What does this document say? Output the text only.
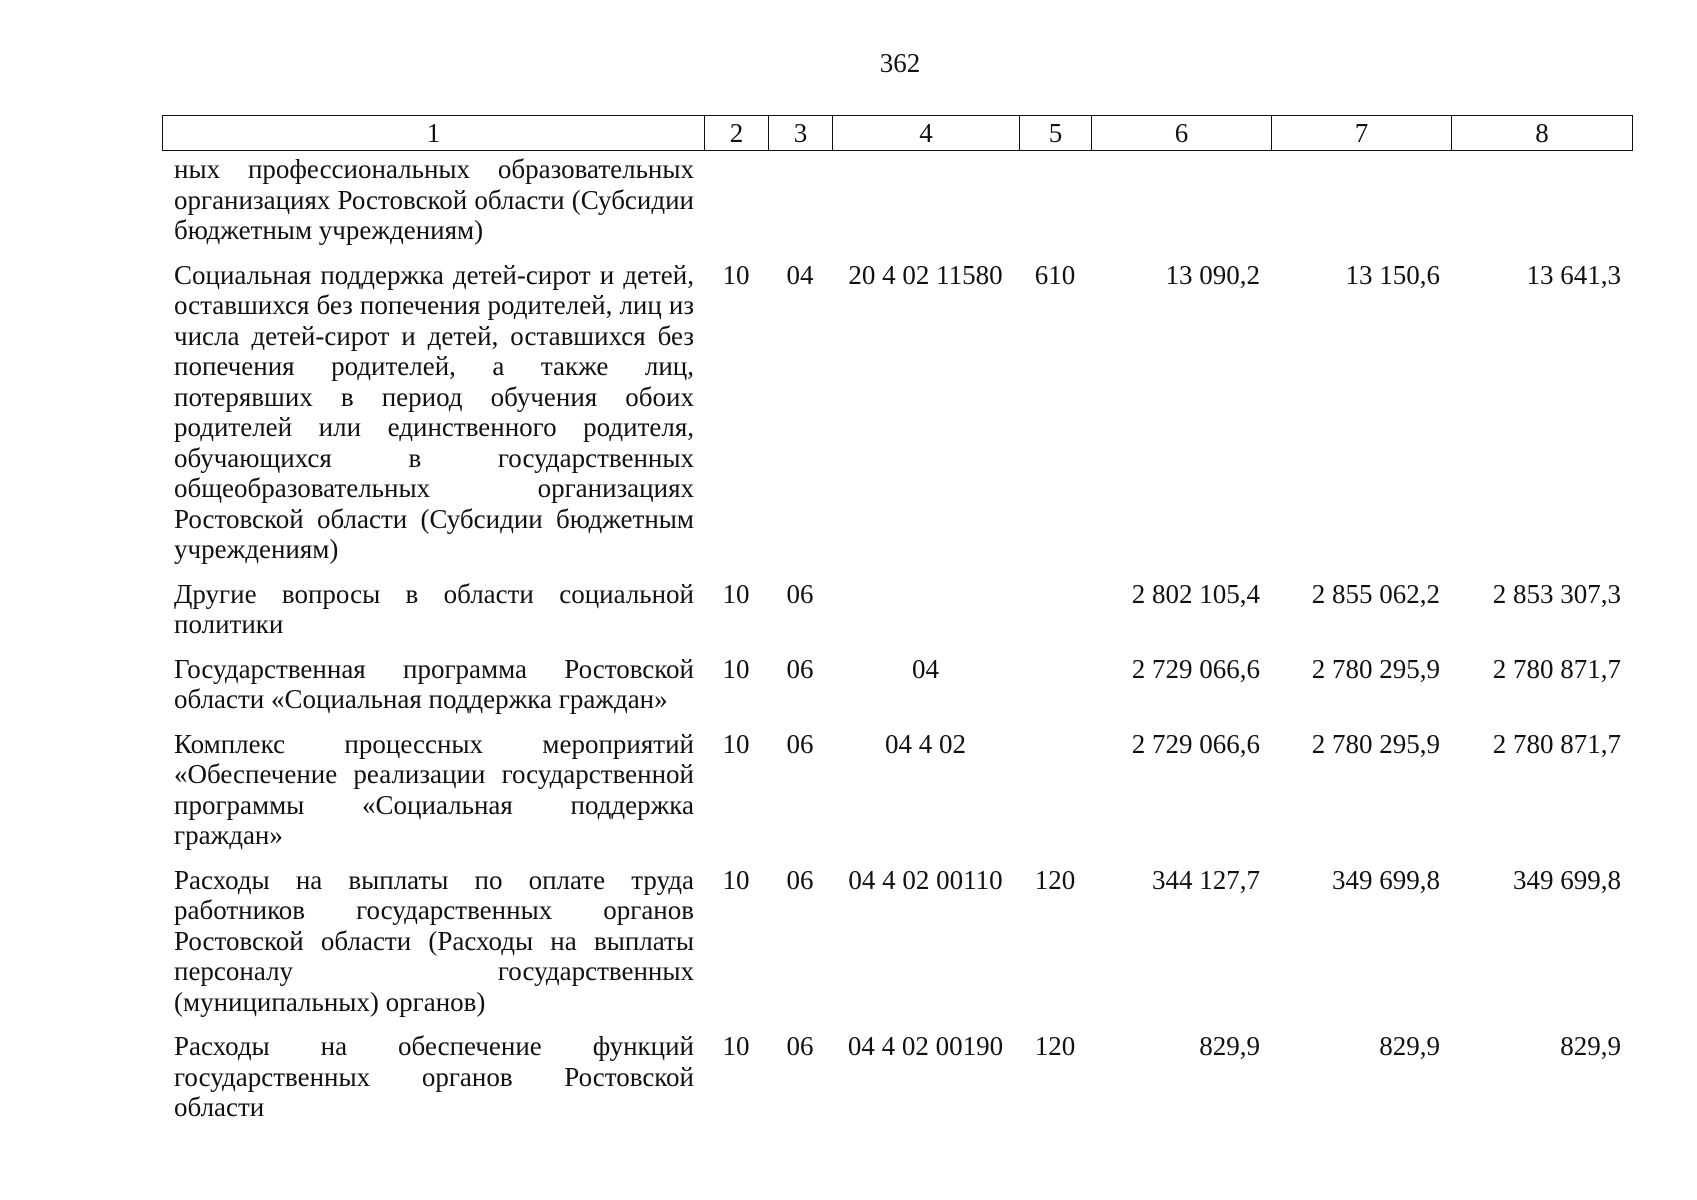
362
1	2	3	4	5	6	7	8
ных профессиональных образовательных организациях Ростовской области (Субсидии бюджетным учреждениям)							
Социальная поддержка детей-сирот и детей, оставшихся без попечения родителей, лиц из числа детей-сирот и детей, оставшихся без попечения родителей, а также лиц, потерявших в период обучения обоих родителей или единственного родителя, обучающихся в государственных общеобразовательных организациях Ростовской области (Субсидии бюджетным учреждениям)	10	04	20 4 02 11580	610	13 090,2	13 150,6	13 641,3
Другие вопросы в области социальной политики	10	06			2 802 105,4	2 855 062,2	2 853 307,3
Государственная программа Ростовской области «Социальная поддержка граждан»	10	06	04		2 729 066,6	2 780 295,9	2 780 871,7
Комплекс процессных мероприятий «Обеспечение реализации государственной программы «Социальная поддержка граждан»	10	06	04 4 02		2 729 066,6	2 780 295,9	2 780 871,7
Расходы на выплаты по оплате труда работников государственных органов Ростовской области (Расходы на выплаты персоналу государственных (муниципальных) органов)	10	06	04 4 02 00110	120	344 127,7	349 699,8	349 699,8
Расходы на обеспечение функций государственных органов Ростовской области	10	06	04 4 02 00190	120	829,9	829,9	829,9
